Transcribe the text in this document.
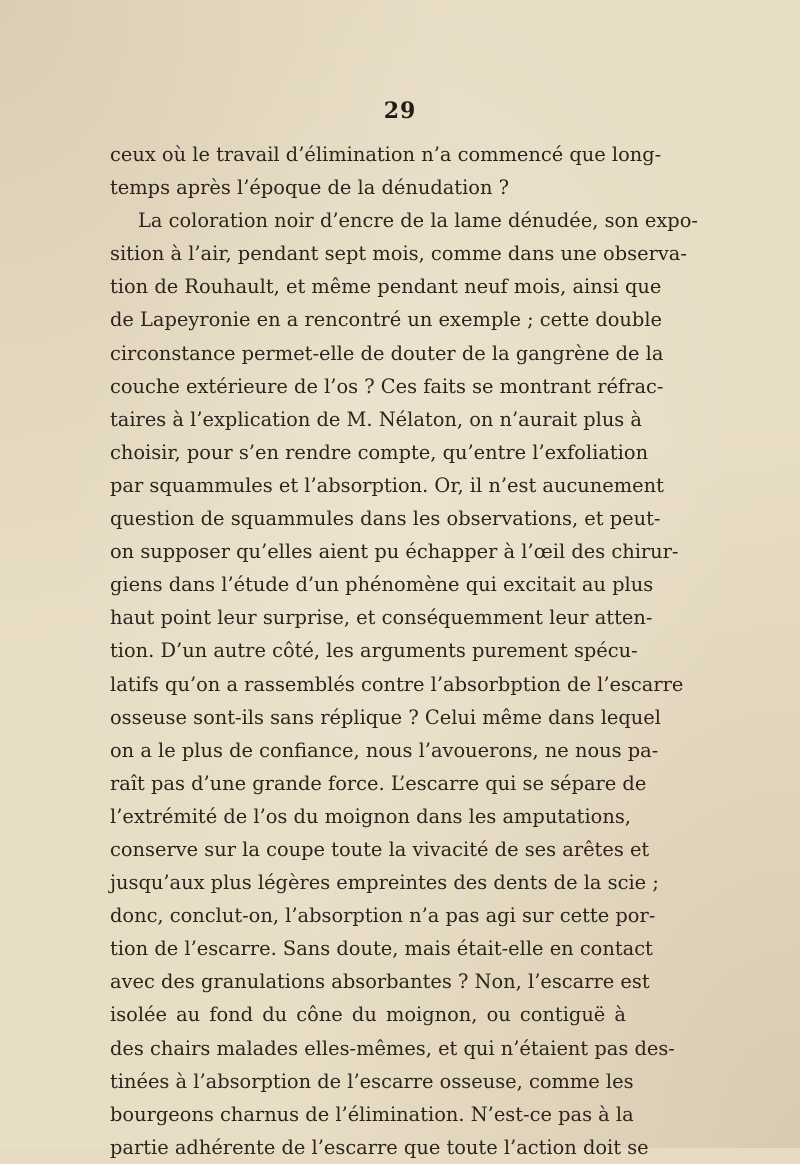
29
ceux où le travail d’élimination n’a commencé que long-
temps après l’époque de la dénudation ?
La coloration noir d’encre de la lame dénudée, son expo-
sition à l’air, pendant sept mois, comme dans une observa-
tion de Rouhault, et même pendant neuf mois, ainsi que
de Lapeyronie en a rencontré un exemple ; cette double
circonstance permet-elle de douter de la gangrène de la
couche extérieure de l’os ? Ces faits se montrant réfrac-
taires à l’explication de M. Nélaton, on n’aurait plus à
choisir, pour s’en rendre compte, qu’entre l’exfoliation
par squammules et l’absorption. Or, il n’est aucunement
question de squammules dans les observations, et peut-
on supposer qu’elles aient pu échapper à l’œil des chirur-
giens dans l’étude d’un phénomène qui excitait au plus
haut point leur surprise, et conséquemment leur atten-
tion. D’un autre côté, les arguments purement spécu-
latifs qu’on a rassemblés contre l’absorbption de l’escarre
osseuse sont-ils sans réplique ? Celui même dans lequel
on a le plus de confiance, nous l’avouerons, ne nous pa-
raît pas d’une grande force. L’escarre qui se sépare de
l’extrémité de l’os du moignon dans les amputations,
conserve sur la coupe toute la vivacité de ses arêtes et
jusqu’aux plus légères empreintes des dents de la scie ;
donc, conclut-on, l’absorption n’a pas agi sur cette por-
tion de l’escarre. Sans doute, mais était-elle en contact
avec des granulations absorbantes ? Non, l’escarre est
isolée au fond du cône du moignon, ou contiguë à
des chairs malades elles-mêmes, et qui n’étaient pas des-
tinées à l’absorption de l’escarre osseuse, comme les
bourgeons charnus de l’élimination. N’est-ce pas à la
partie adhérente de l’escarre que toute l’action doit se
